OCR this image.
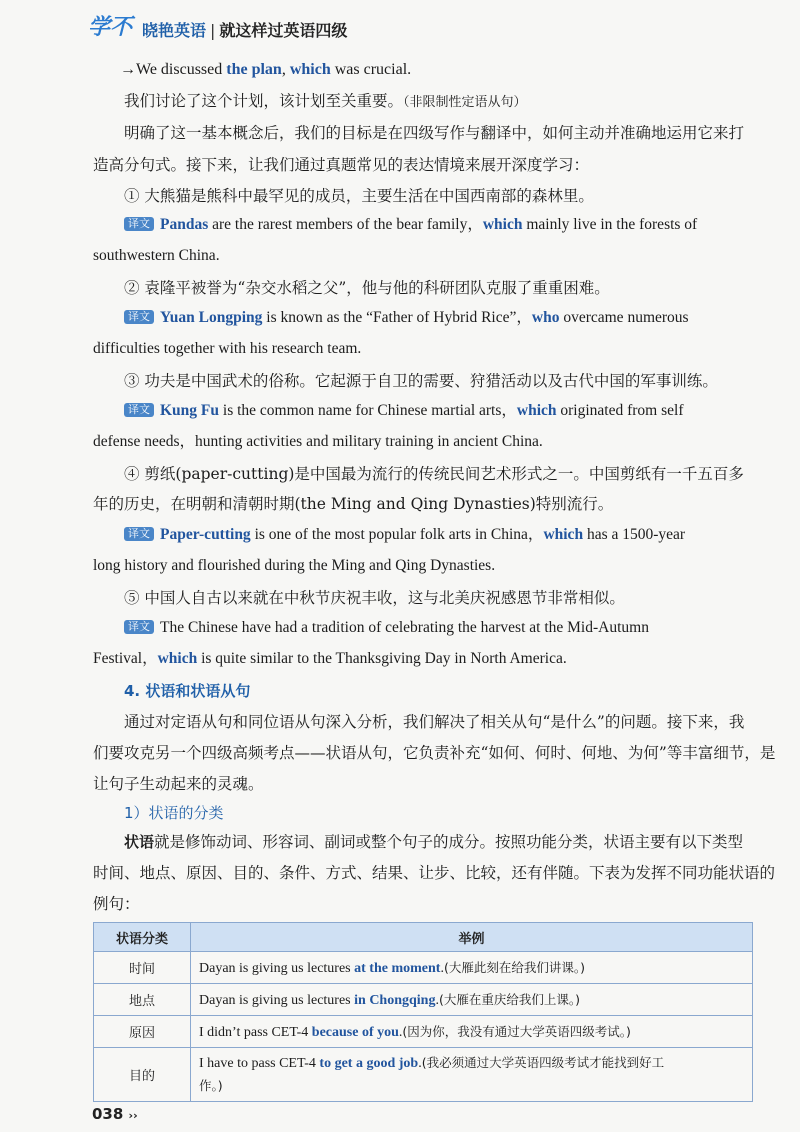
学不 晓艳英语 | 就这样过英语四级
→We discussed the plan, which was crucial.
我们讨论了这个计划，该计划至关重要。（非限制性定语从句）
明确了这一基本概念后，我们的目标是在四级写作与翻译中，如何主动并准确地运用它来打
造高分句式。接下来，让我们通过真题常见的表达情境来展开深度学习：
① 大熊猫是熊科中最罕见的成员，主要生活在中国西南部的森林里。
译文 Pandas are the rarest members of the bear family，which mainly live in the forests of
southwestern China.
② 袁隆平被誉为“杂交水稻之父”，他与他的科研团队克服了重重困难。
译文 Yuan Longping is known as the “Father of Hybrid Rice”，who overcame numerous
difficulties together with his research team.
③ 功夫是中国武术的俗称。它起源于自卫的需要、狩猎活动以及古代中国的军事训练。
译文 Kung Fu is the common name for Chinese martial arts，which originated from self
defense needs，hunting activities and military training in ancient China.
④ 剪纸(paper-cutting)是中国最为流行的传统民间艺术形式之一。中国剪纸有一千五百多
年的历史，在明朝和清朝时期(the Ming and Qing Dynasties)特别流行。
译文 Paper-cutting is one of the most popular folk arts in China，which has a 1500-year
long history and flourished during the Ming and Qing Dynasties.
⑤ 中国人自古以来就在中秋节庆祝丰收，这与北美庆祝感恩节非常相似。
译文 The Chinese have had a tradition of celebrating the harvest at the Mid-Autumn
Festival，which is quite similar to the Thanksgiving Day in North America.
4. 状语和状语从句
通过对定语从句和同位语从句深入分析，我们解决了相关从句“是什么”的问题。接下来，我
们要攻克另一个四级高频考点——状语从句，它负责补充“如何、何时、何地、为何”等丰富细节，是
让句子生动起来的灵魂。
1）状语的分类
状语就是修饰动词、形容词、副词或整个句子的成分。按照功能分类，状语主要有以下类型
时间、地点、原因、目的、条件、方式、结果、让步、比较，还有伴随。下表为发挥不同功能状语的
例句：
状语分类	举例
时间	Dayan is giving us lectures at the moment.(大雁此刻在给我们讲课。)
地点	Dayan is giving us lectures in Chongqing.(大雁在重庆给我们上课。)
原因	I didn’t pass CET-4 because of you.(因为你，我没有通过大学英语四级考试。)
目的	I have to pass CET-4 to get a good job.(我必须通过大学英语四级考试才能找到好工
作。)
038 ››
